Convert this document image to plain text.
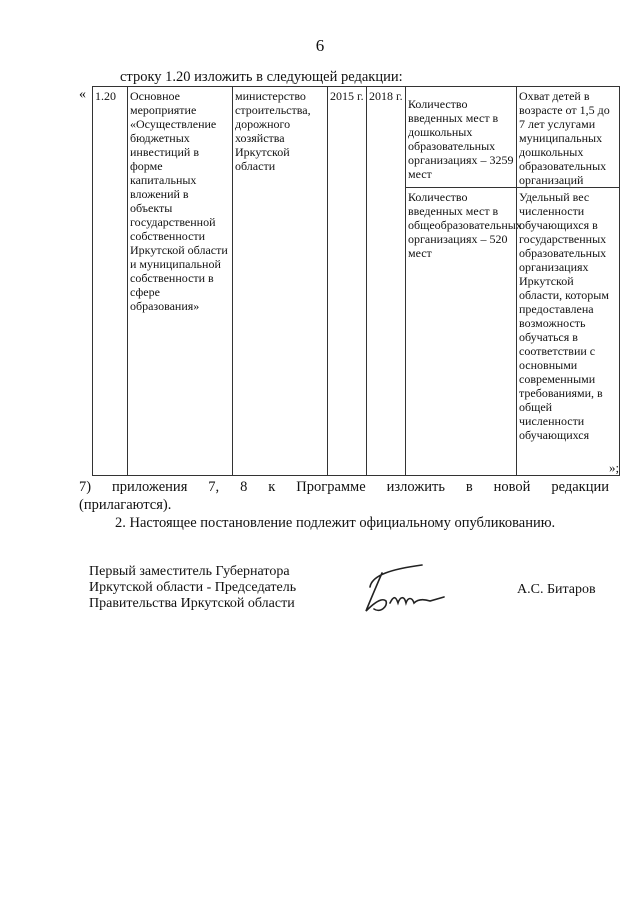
6
строку 1.20 изложить в следующей редакции:
« 1.20	Основное мероприятие «Осуществление бюджетных инвестиций в форме капитальных вложений в объекты государственной собственности Иркутской области и муниципальной собственности в сфере образования»	министерство строительства, дорожного хозяйства Иркутской области	2015 г.	2018 г.	Количество введенных мест в дошкольных образовательных организациях – 3259 мест	Охват детей в возрасте от 1,5 до 7 лет услугами муниципальных дошкольных образовательных организаций
					Количество введенных мест в общеобразовательных организациях – 520 мест	Удельный вес численности обучающихся в государственных образовательных организациях Иркутской области, которым предоставлена возможность обучаться в соответствии с основными современными требованиями, в общей численности обучающихся
»;
7) приложения 7, 8 к Программе изложить в новой редакции
(прилагаются).
2. Настоящее постановление подлежит официальному опубликованию.
Первый заместитель Губернатора
Иркутской области - Председатель
Правительства Иркутской области
А.С. Битаров
